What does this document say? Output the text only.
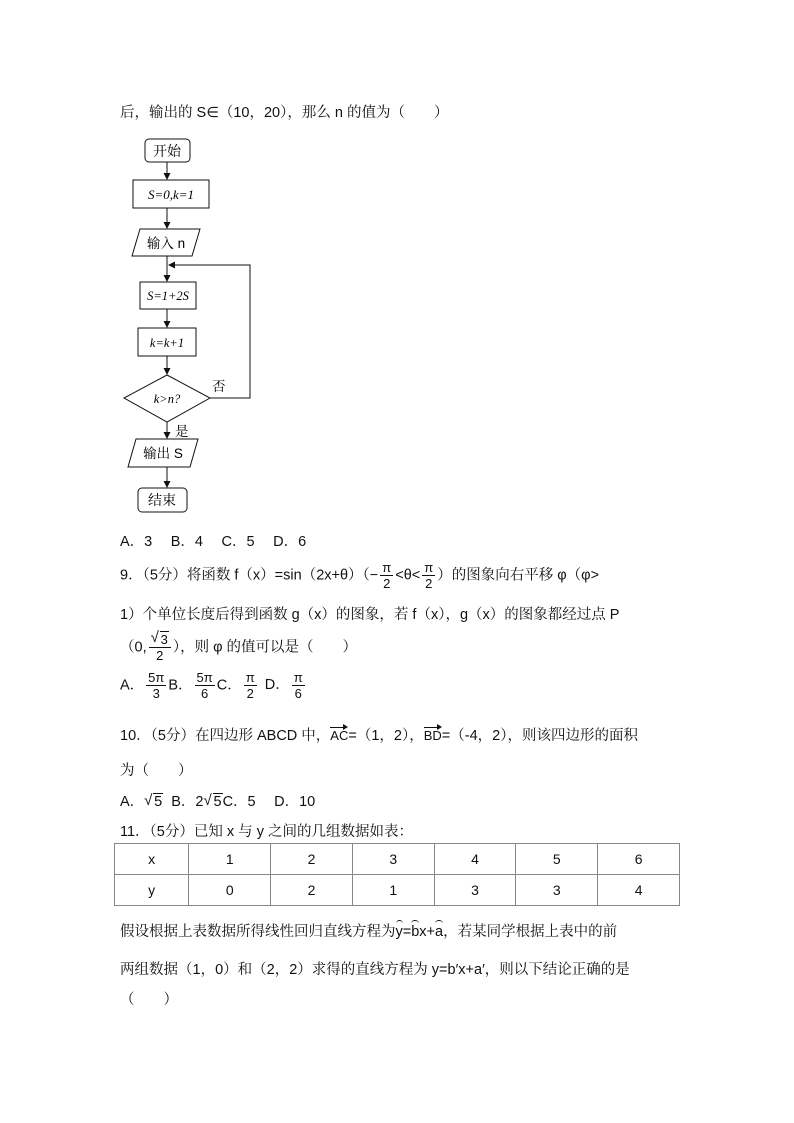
后，输出的 S∈（10，20），那么 n 的值为（　　）
开始
S=0,k=1
输入 n
S=1+2S
k=k+1
k>n?
否
是
输出 S
结束
A．3　 B．4　 C．5　 D．6
9．（5分）将函数 $f(x)=\sin(2x+\theta)(- \frac{\pi}{2} <\theta< \frac{\pi}{2}$ ）的图象向右平移 φ（φ>
1）个单位长度后得到函数 g（x）的图象，若 f（x），g（x）的图象都经过点 P
（0, $\frac{√ 3}{2}$ ），则 φ 的值可以是（　　）
A． $\frac{5\pi}{3}$ B． $\frac{5\pi}{6}$ C． $\frac{\pi}{2}$ D． $\frac{\pi}{6}$
10．（5分）在四边形 ABCD 中，AC=（1，2），BD=（-4，2），则该四边形的面积
为（　　）
A． √ 5 B．2 √ 5C．5　 D．10
11．（5分）已知 x 与 y 之间的几组数据如表：
x	1	2	3	4	5	6
y	0	2	1	3	3	4
假设根据上表数据所得线性回归直线方程为y=bx+a，若某同学根据上表中的前
两组数据（1，0）和（2，2）求得的直线方程为 y=b′x+a′，则以下结论正确的是
（　　）
